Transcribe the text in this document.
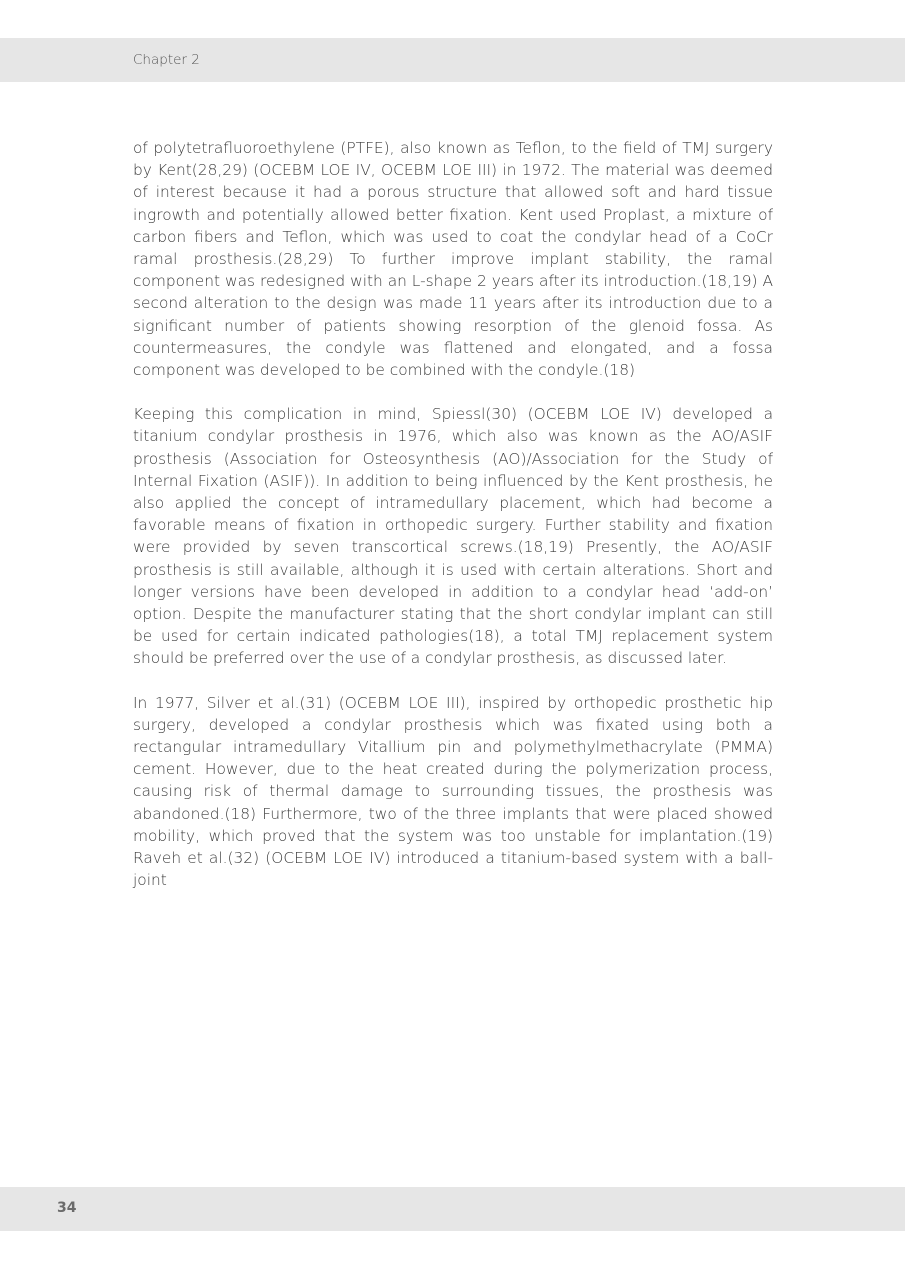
Chapter 2

of polytetrafluoroethylene (PTFE), also known as Teflon, to the field of TMJ surgery by Kent(28,29) (OCEBM LOE IV, OCEBM LOE III) in 1972. The material was deemed of interest because it had a porous structure that allowed soft and hard tissue ingrowth and potentially allowed better fixation. Kent used Proplast, a mixture of carbon fibers and Teflon, which was used to coat the condylar head of a CoCr ramal prosthesis.(28,29) To further improve implant stability, the ramal component was redesigned with an L-shape 2 years after its introduction.(18,19) A second alteration to the design was made 11 years after its introduction due to a significant number of patients showing resorption of the glenoid fossa. As countermeasures, the condyle was flattened and elongated, and a fossa component was developed to be combined with the condyle.(18)

Keeping this complication in mind, Spiessl(30) (OCEBM LOE IV) developed a titanium condylar prosthesis in 1976, which also was known as the AO/ASIF prosthesis (Association for Osteosynthesis (AO)/Association for the Study of Internal Fixation (ASIF)). In addition to being influenced by the Kent prosthesis, he also applied the concept of intramedullary placement, which had become a favorable means of fixation in orthopedic surgery. Further stability and fixation were provided by seven transcortical screws.(18,19) Presently, the AO/ASIF prosthesis is still available, although it is used with certain alterations. Short and longer versions have been developed in addition to a condylar head ‘add-on’ option. Despite the manufacturer stating that the short condylar implant can still be used for certain indicated pathologies(18), a total TMJ replacement system should be preferred over the use of a condylar prosthesis, as discussed later.

In 1977, Silver et al.(31) (OCEBM LOE III), inspired by orthopedic prosthetic hip surgery, developed a condylar prosthesis which was fixated using both a rectangular intramedullary Vitallium pin and polymethylmethacrylate (PMMA) cement. However, due to the heat created during the polymerization process, causing risk of thermal damage to surrounding tissues, the prosthesis was abandoned.(18) Furthermore, two of the three implants that were placed showed mobility, which proved that the system was too unstable for implantation.(19) Raveh et al.(32) (OCEBM LOE IV) introduced a titanium-based system with a ball-joint

34
